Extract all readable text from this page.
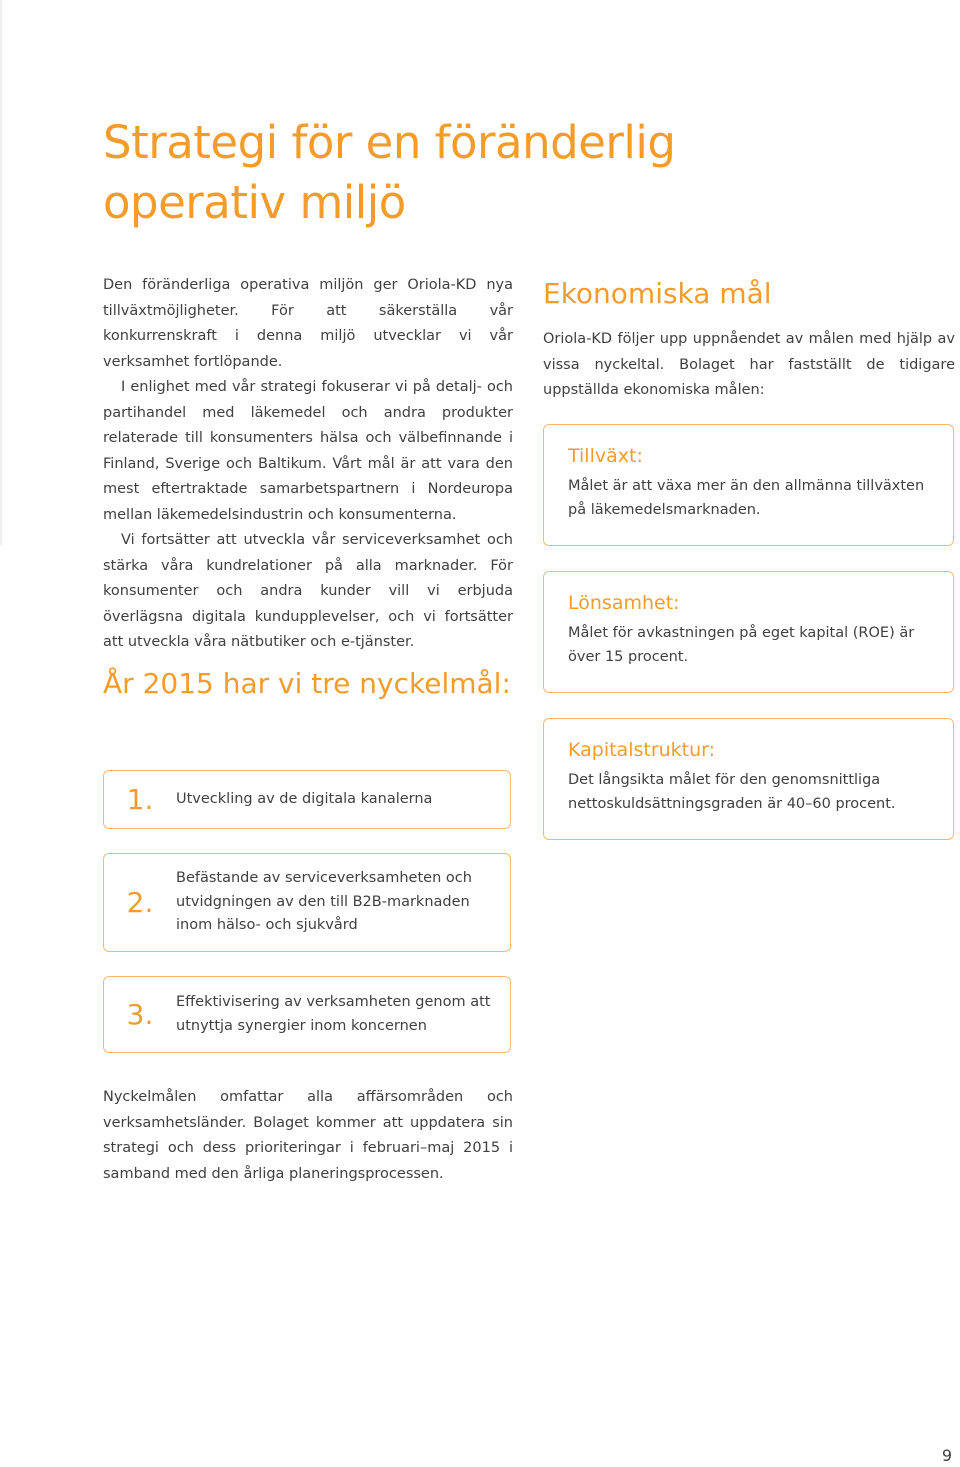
Strategi för en föränderlig operativ miljö

Den föränderliga operativa miljön ger Oriola-KD nya tillväxtmöjligheter. För att säkerställa vår konkurrenskraft i denna miljö utvecklar vi vår verksamhet fortlöpande.

I enlighet med vår strategi fokuserar vi på detalj- och partihandel med läkemedel och andra produkter relaterade till konsumenters hälsa och välbefinnande i Finland, Sverige och Baltikum. Vårt mål är att vara den mest eftertraktade samarbetspartnern i Nordeuropa mellan läkemedelsindustrin och konsumenterna.

Vi fortsätter att utveckla vår serviceverksamhet och stärka våra kundrelationer på alla marknader. För konsumenter och andra kunder vill vi erbjuda överlägsna digitala kundupplevelser, och vi fortsätter att utveckla våra nätbutiker och e-tjänster.

År 2015 har vi tre nyckelmål:
1.	Utveckling av de digitala kanalerna
2.
Befästande av serviceverksamheten och utvidgningen av den till B2B-marknaden inom hälso- och sjukvård
3.	Effektivisering av verksamheten genom att utnyttja synergier inom koncernen

Nyckelmålen omfattar alla affärsområden och verksamhetsländer. Bolaget kommer att uppdatera sin strategi och dess prioriteringar i februari–maj 2015 i samband med den årliga planeringsprocessen.

Ekonomiska mål

Oriola-KD följer upp uppnåendet av målen med hjälp av vissa nyckeltal. Bolaget har fastställt de tidigare uppställda ekonomiska målen:

Tillväxt:

Målet är att växa mer än den allmänna tillväxten på läkemedelsmarknaden.

Lönsamhet:

Målet för avkastningen på eget kapital (ROE) är över 15 procent.

Kapitalstruktur:

Det långsikta målet för den genomsnittliga nettoskuldsättningsgraden är 40–60 procent.

9
